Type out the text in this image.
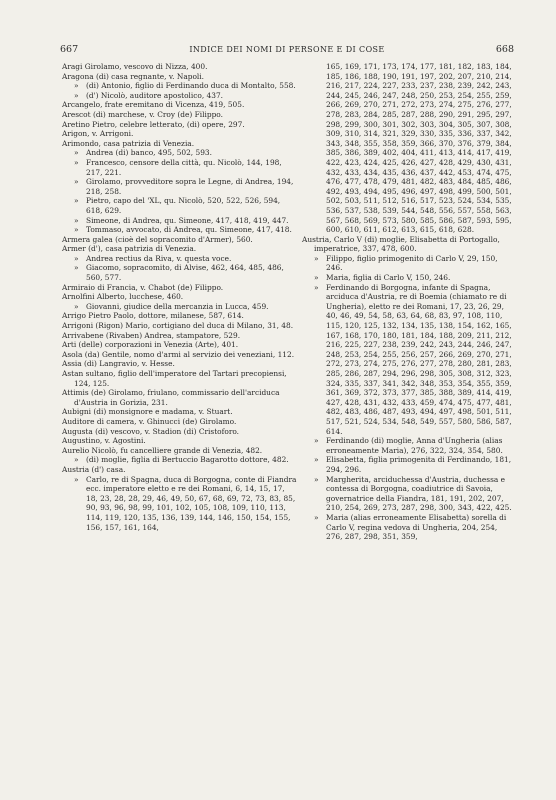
667	INDICE DEI NOMI DI PERSONE E DI COSE	668

Aragi Girolamo, vescovo di Nizza, 400.

Aragona (di) casa regnante, v. Napoli.

» (di) Antonio, figlio di Ferdinando duca di Montalto, 558.

» (d') Nicolò, auditore apostolico, 437.

Arcangelo, frate eremitano di Vicenza, 419, 505.

Arescot (di) marchese, v. Croy (de) Filippo.

Aretino Pietro, celebre letterato, (di) opere, 297.

Arigon, v. Arrigoni.

Arimondo, casa patrizia di Venezia.

» Andrea (di) banco, 495, 502, 593.

» Francesco, censore della città, qu. Nicolò, 144, 198, 217, 221.

» Girolamo, provveditore sopra le Legne, di Andrea, 194, 218, 258.

» Pietro, capo del 'XL, qu. Nicolò, 520, 522, 526, 594, 618, 629.

» Simeone, di Andrea, qu. Simeone, 417, 418, 419, 447.

» Tommaso, avvocato, di Andrea, qu. Simeone, 417, 418.

Armera galea (cioè del sopracomito d'Armer), 560.

Armer (d'), casa patrizia di Venezia.

» Andrea rectius da Riva, v. questa voce.

» Giacomo, sopracomito, di Alvise, 462, 464, 485, 486, 560, 577.

Armiraio di Francia, v. Chabot (de) Filippo.

Arnolfini Alberto, lucchese, 460.

» Giovanni, giudice della mercanzia in Lucca, 459.

Arrigo Pietro Paolo, dottore, milanese, 587, 614.

Arrigoni (Rigon) Mario, cortigiano del duca di Milano, 31, 48.

Arrivabene (Rivaben) Andrea, stampatore, 529.

Arti (delle) corporazioni in Venezia (Arte), 401.

Asola (da) Gentile, nomo d'armi al servizio dei veneziani, 112.

Assia (di) Langravio, v. Hesse.

Astan sultano, figlio dell'imperatore del Tartari precopiensi, 124, 125.

Attimis (de) Girolamo, friulano, commissario dell'arciduca d'Austria in Gorizia, 231.

Aubigni (di) monsignore e madama, v. Stuart.

Auditore di camera, v. Ghinucci (de) Girolamo.

Augusta (di) vescovo, v. Stadion (di) Cristoforo.

Augustino, v. Agostini.

Aurelio Nicolò, fu cancelliere grande di Venezia, 482.

» (di) moglie, figlia di Bertuccio Bagarotto dottore, 482.

Austria (d') casa.

» Carlo, re di Spagna, duca di Borgogna, conte di Fiandra ecc. imperatore eletto e re dei Romani, 6, 14, 15, 17, 18, 23, 28, 28, 29, 46, 49, 50, 67, 68, 69, 72, 73, 83, 85, 90, 93, 96, 98, 99, 101, 102, 105, 108, 109, 110, 113, 114, 119, 120, 135, 136, 139, 144, 146, 150, 154, 155, 156, 157, 161, 164,

165, 169, 171, 173, 174, 177, 181, 182, 183, 184, 185, 186, 188, 190, 191, 197, 202, 207, 210, 214, 216, 217, 224, 227, 233, 237, 238, 239, 242, 243, 244, 245, 246, 247, 248, 250, 253, 254, 255, 259, 266, 269, 270, 271, 272, 273, 274, 275, 276, 277, 278, 283, 284, 285, 287, 288, 290, 291, 295, 297, 298, 299, 300, 301, 302, 303, 304, 305, 307, 308, 309, 310, 314, 321, 329, 330, 335, 336, 337, 342, 343, 348, 355, 358, 359, 366, 370, 376, 379, 384, 385, 386, 389, 402, 404, 411, 413, 414, 417, 419, 422, 423, 424, 425, 426, 427, 428, 429, 430, 431, 432, 433, 434, 435, 436, 437, 442, 453, 474, 475, 476, 477, 478, 479, 481, 482, 483, 484, 485, 486, 492, 493, 494, 495, 496, 497, 498, 499, 500, 501, 502, 503, 511, 512, 516, 517, 523, 524, 534, 535, 536, 537, 538, 539, 544, 548, 556, 557, 558, 563, 567, 568, 569, 573, 580, 585, 586, 587, 593, 595, 600, 610, 611, 612, 613, 615, 618, 628.

Austria, Carlo V (di) moglie, Elisabetta di Portogallo, imperatrice, 337, 478, 600.

» Filippo, figlio primogenito di Carlo V, 29, 150, 246.

» Maria, figlia di Carlo V, 150, 246.

» Ferdinando di Borgogna, infante di Spagna, arciduca d'Austria, re di Boemia (chiamato re di Ungheria), eletto re dei Romani, 17, 23, 26, 29, 40, 46, 49, 54, 58, 63, 64, 68, 83, 97, 108, 110, 115, 120, 125, 132, 134, 135, 138, 154, 162, 165, 167, 168, 170, 180, 181, 184, 188, 209, 211, 212, 216, 225, 227, 238, 239, 242, 243, 244, 246, 247, 248, 253, 254, 255, 256, 257, 266, 269, 270, 271, 272, 273, 274, 275, 276, 277, 278, 280, 281, 283, 285, 286, 287, 294, 296, 298, 305, 308, 312, 323, 324, 335, 337, 341, 342, 348, 353, 354, 355, 359, 361, 369, 372, 373, 377, 385, 388, 389, 414, 419, 427, 428, 431, 432, 433, 459, 474, 475, 477, 481, 482, 483, 486, 487, 493, 494, 497, 498, 501, 511, 517, 521, 524, 534, 548, 549, 557, 580, 586, 587, 614.

» Ferdinando (di) moglie, Anna d'Ungheria (alias erroneamente Maria), 276, 322, 324, 354, 580.

» Elisabetta, figlia primogenita di Ferdinando, 181, 294, 296.

» Margherita, arciduchessa d'Austria, duchessa e contessa di Borgogna, coadiutrice di Savoia, governatrice della Fiandra, 181, 191, 202, 207, 210, 254, 269, 273, 287, 298, 300, 343, 422, 425.

» Maria (alias erroneamente Elisabetta) sorella di Carlo V, regina vedova di Ungheria, 204, 254, 276, 287, 298, 351, 359,
